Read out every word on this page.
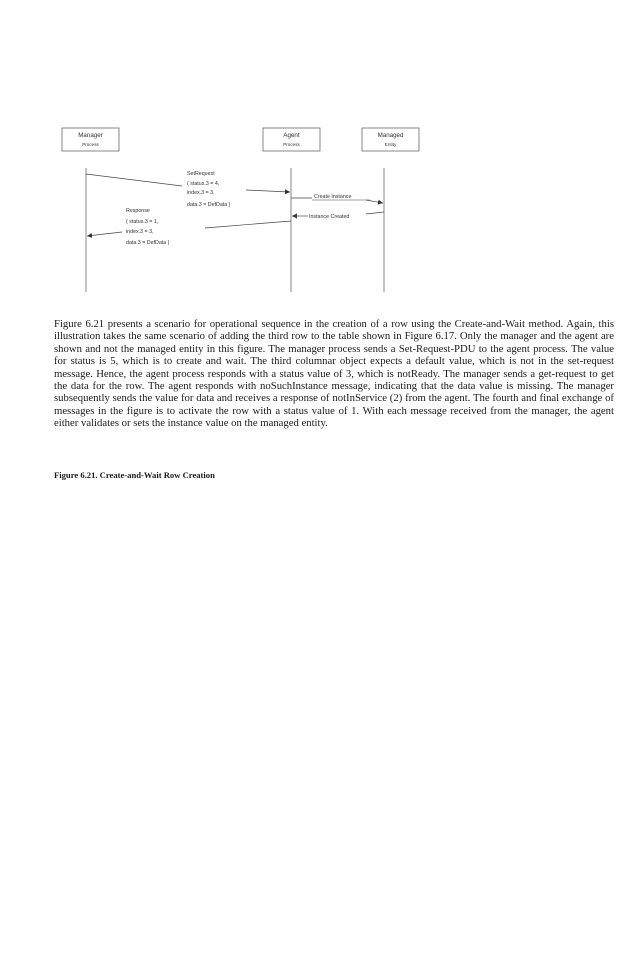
Manager
Process
Agent
Process
Managed
Entity
SetRequest
( status.3 = 4,
index.3 = 3,
data.3 = DefData )
Create Instance
Instance Created
Response
( status.3 = 1,
index.3 = 3,
data.3 = DefData )

Figure 6.21 presents a scenario for operational sequence in the creation of a row using the Create-and-Wait method. Again, this illustration takes the same scenario of adding the third row to the table shown in Figure 6.17. Only the manager and the agent are shown and not the managed entity in this figure. The manager process sends a Set-Request-PDU to the agent process. The value for status is 5, which is to create and wait. The third columnar object expects a default value, which is not in the set-request message. Hence, the agent process responds with a status value of 3, which is notReady. The manager sends a get-request to get the data for the row. The agent responds with noSuchInstance message, indicating that the data value is missing. The manager subsequently sends the value for data and receives a response of notInService (2) from the agent. The fourth and final exchange of messages in the figure is to activate the row with a status value of 1. With each message received from the manager, the agent either validates or sets the instance value on the managed entity.

Figure 6.21. Create-and-Wait Row Creation
